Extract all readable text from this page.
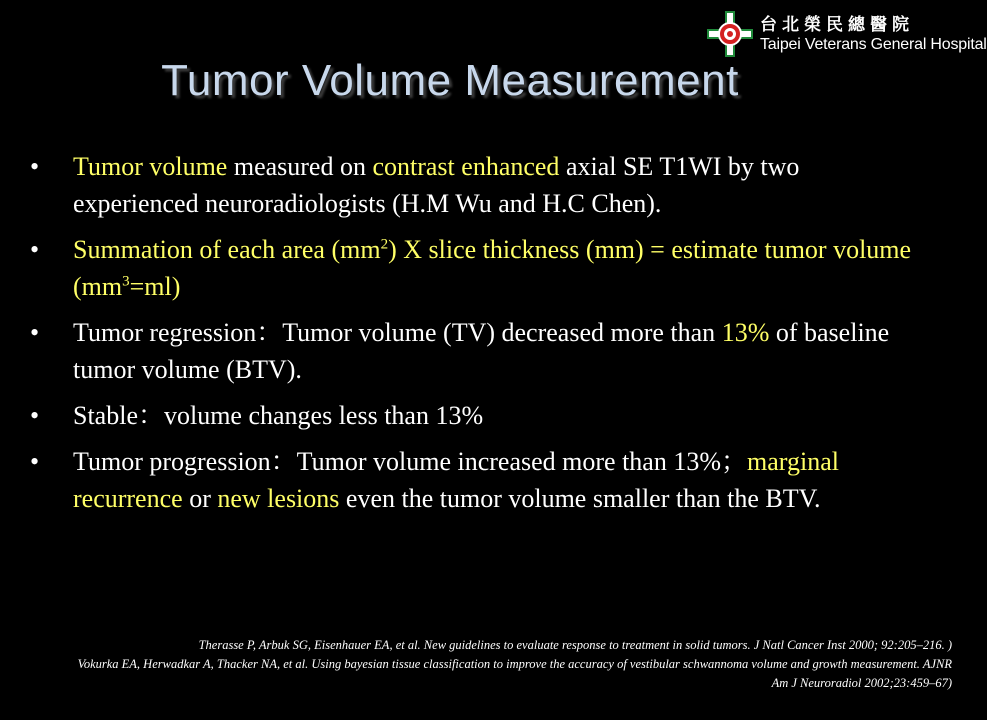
台北榮民總醫院
Taipei Veterans General Hospital
Tumor Volume Measurement
• Tumor volume measured on contrast enhanced axial SE T1WI by two experienced neuroradiologists (H.M Wu and H.C Chen).
• Summation of each area $(mm^2)$ X slice thickness (mm) = estimate tumor volume $(mm^3=ml)$
• Tumor regression：Tumor volume (TV) decreased more than 13% of baseline tumor volume (BTV).
• Stable：volume changes less than 13%
• Tumor progression：Tumor volume increased more than 13%；marginal recurrence or new lesions even the tumor volume smaller than the BTV.

Therasse P, Arbuk SG, Eisenhauer EA, et al. New guidelines to evaluate response to treatment in solid tumors. J Natl Cancer Inst 2000; 92:205–216. )

Vokurka EA, Herwadkar A, Thacker NA, et al. Using bayesian tissue classification to improve the accuracy of vestibular schwannoma volume and growth measurement. AJNR Am J Neuroradiol 2002;23:459–67)
